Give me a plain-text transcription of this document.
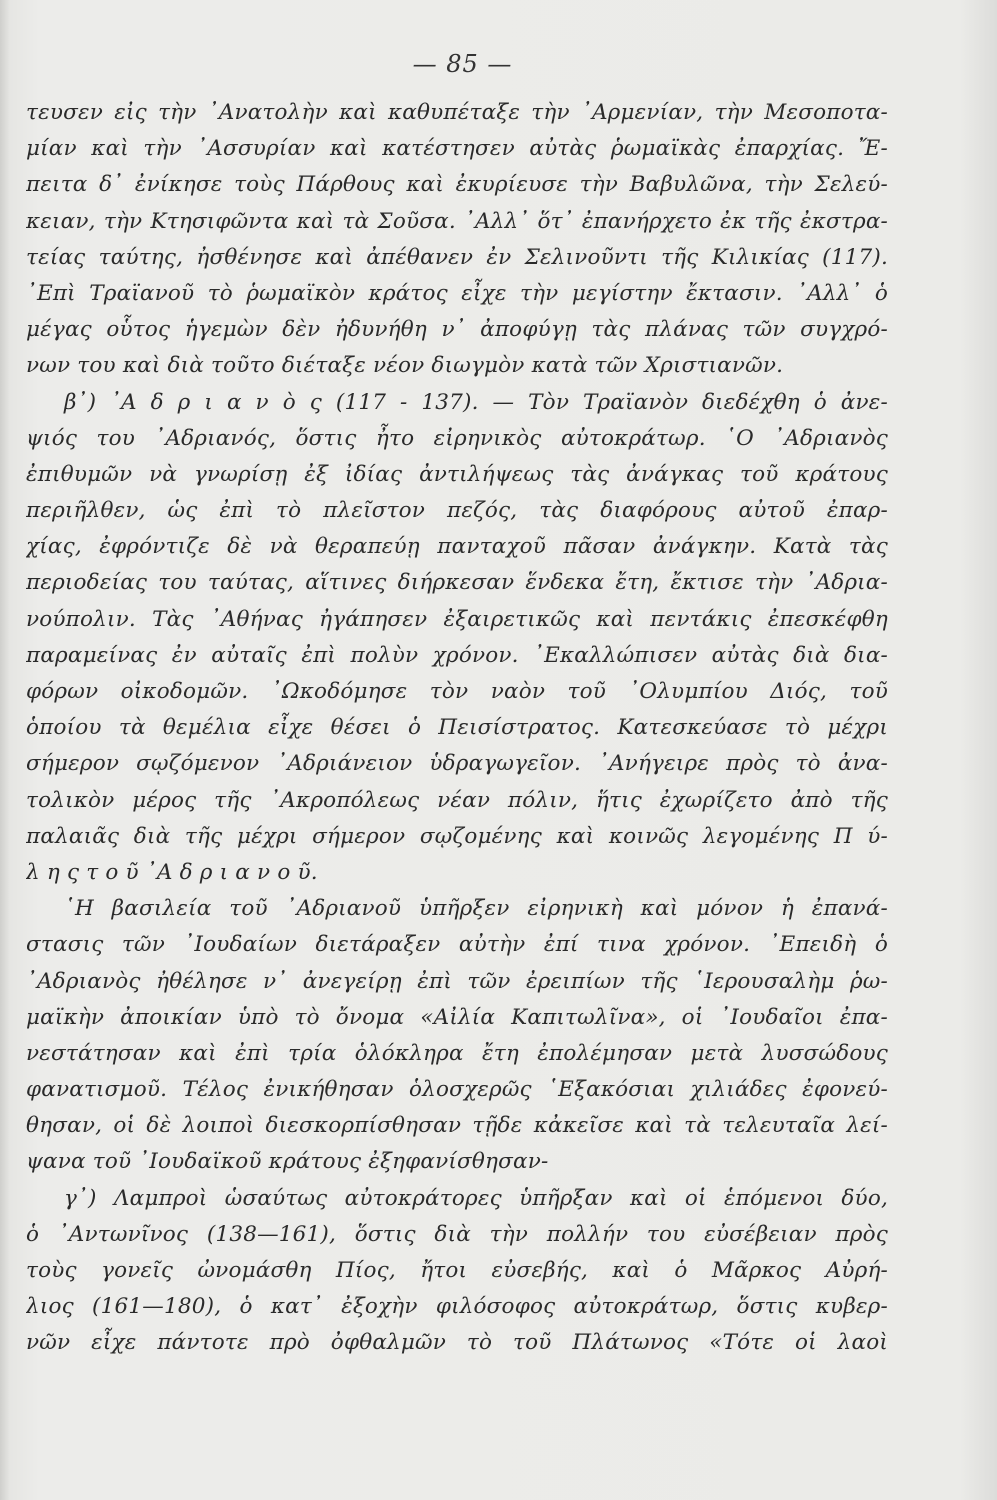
— 85 —
τευσεν εἰς τὴν ᾿Ανατολὴν καὶ καθυπέταξε τὴν ᾿Αρμενίαν, τὴν Μεσοποτα-
μίαν καὶ τὴν ᾿Ασσυρίαν καὶ κατέστησεν αὐτὰς ῥωμαϊκὰς ἐπαρχίας. Ἔ-
πειτα δ᾿ ἐνίκησε τοὺς Πάρθους καὶ ἐκυρίευσε τὴν Βαβυλῶνα, τὴν Σελεύ-
κειαν, τὴν Κτησιφῶντα καὶ τὰ Σοῦσα. ᾿Αλλ᾿ ὅτ᾿ ἐπανήρχετο ἐκ τῆς ἐκστρα-
τείας ταύτης, ἠσθένησε καὶ ἀπέθανεν ἐν Σελινοῦντι τῆς Κιλικίας (117).
᾿Επὶ Τραϊανοῦ τὸ ῥωμαϊκὸν κράτος εἶχε τὴν μεγίστην ἔκτασιν. ᾿Αλλ᾿ ὁ
μέγας οὗτος ἡγεμὼν δὲν ἠδυνήθη ν᾿ ἀποφύγῃ τὰς πλάνας τῶν συγχρό-
νων του καὶ διὰ τοῦτο διέταξε νέον διωγμὸν κατὰ τῶν Χριστιανῶν.
β᾿) ᾿Α δ ρ ι α ν ὸ ς (117 - 137). — Τὸν Τραϊανὸν διεδέχθη ὁ ἀνε-
ψιός του ᾿Αδριανός, ὅστις ἦτο εἰρηνικὸς αὐτοκράτωρ. ῾Ο ᾿Αδριανὸς
ἐπιθυμῶν νὰ γνωρίσῃ ἐξ ἰδίας ἀντιλήψεως τὰς ἀνάγκας τοῦ κράτους
περιῆλθεν, ὡς ἐπὶ τὸ πλεῖστον πεζός, τὰς διαφόρους αὐτοῦ ἐπαρ-
χίας, ἐφρόντιζε δὲ νὰ θεραπεύῃ πανταχοῦ πᾶσαν ἀνάγκην. Κατὰ τὰς
περιοδείας του ταύτας, αἵτινες διήρκεσαν ἕνδεκα ἔτη, ἔκτισε τὴν ᾿Αδρια-
νούπολιν. Τὰς ᾿Αθήνας ἠγάπησεν ἐξαιρετικῶς καὶ πεντάκις ἐπεσκέφθη
παραμείνας ἐν αὐταῖς ἐπὶ πολὺν χρόνον. ᾿Εκαλλώπισεν αὐτὰς διὰ δια-
φόρων οἰκοδομῶν. ᾿Ωκοδόμησε τὸν ναὸν τοῦ ᾿Ολυμπίου Διός, τοῦ
ὁποίου τὰ θεμέλια εἶχε θέσει ὁ Πεισίστρατος. Κατεσκεύασε τὸ μέχρι
σήμερον σῳζόμενον ᾿Αδριάνειον ὑδραγωγεῖον. ᾿Ανήγειρε πρὸς τὸ ἀνα-
τολικὸν μέρος τῆς ᾿Ακροπόλεως νέαν πόλιν, ἥτις ἐχωρίζετο ἀπὸ τῆς
παλαιᾶς διὰ τῆς μέχρι σήμερον σῳζομένης καὶ κοινῶς λεγομένης Π ύ-
λ η ς τ ο ῦ ᾿Α δ ρ ι α ν ο ῦ.
῾Η βασιλεία τοῦ ᾿Αδριανοῦ ὑπῆρξεν εἰρηνικὴ καὶ μόνον ἡ ἐπανά-
στασις τῶν ᾿Ιουδαίων διετάραξεν αὐτὴν ἐπί τινα χρόνον. ᾿Επειδὴ ὁ
᾿Αδριανὸς ἠθέλησε ν᾿ ἀνεγείρῃ ἐπὶ τῶν ἐρειπίων τῆς ῾Ιερουσαλὴμ ῥω-
μαϊκὴν ἀποικίαν ὑπὸ τὸ ὄνομα «Αἰλία Καπιτωλῖνα», οἱ ᾿Ιουδαῖοι ἐπα-
νεστάτησαν καὶ ἐπὶ τρία ὁλόκληρα ἔτη ἐπολέμησαν μετὰ λυσσώδους
φανατισμοῦ. Τέλος ἐνικήθησαν ὁλοσχερῶς ῾Εξακόσιαι χιλιάδες ἐφονεύ-
θησαν, οἱ δὲ λοιποὶ διεσκορπίσθησαν τῇδε κἀκεῖσε καὶ τὰ τελευταῖα λεί-
ψανα τοῦ ᾿Ιουδαϊκοῦ κράτους ἐξηφανίσθησαν-
γ᾿) Λαμπροὶ ὡσαύτως αὐτοκράτορες ὑπῆρξαν καὶ οἱ ἑπόμενοι δύο,
ὁ ᾿Αντωνῖνος (138—161), ὅστις διὰ τὴν πολλήν του εὐσέβειαν πρὸς
τοὺς γονεῖς ὠνομάσθη Πίος, ἤτοι εὐσεβής, καὶ ὁ Μᾶρκος Αὐρή-
λιος (161—180), ὁ κατ᾿ ἐξοχὴν φιλόσοφος αὐτοκράτωρ, ὅστις κυβερ-
νῶν εἶχε πάντοτε πρὸ ὀφθαλμῶν τὸ τοῦ Πλάτωνος «Τότε οἱ λαοὶ
